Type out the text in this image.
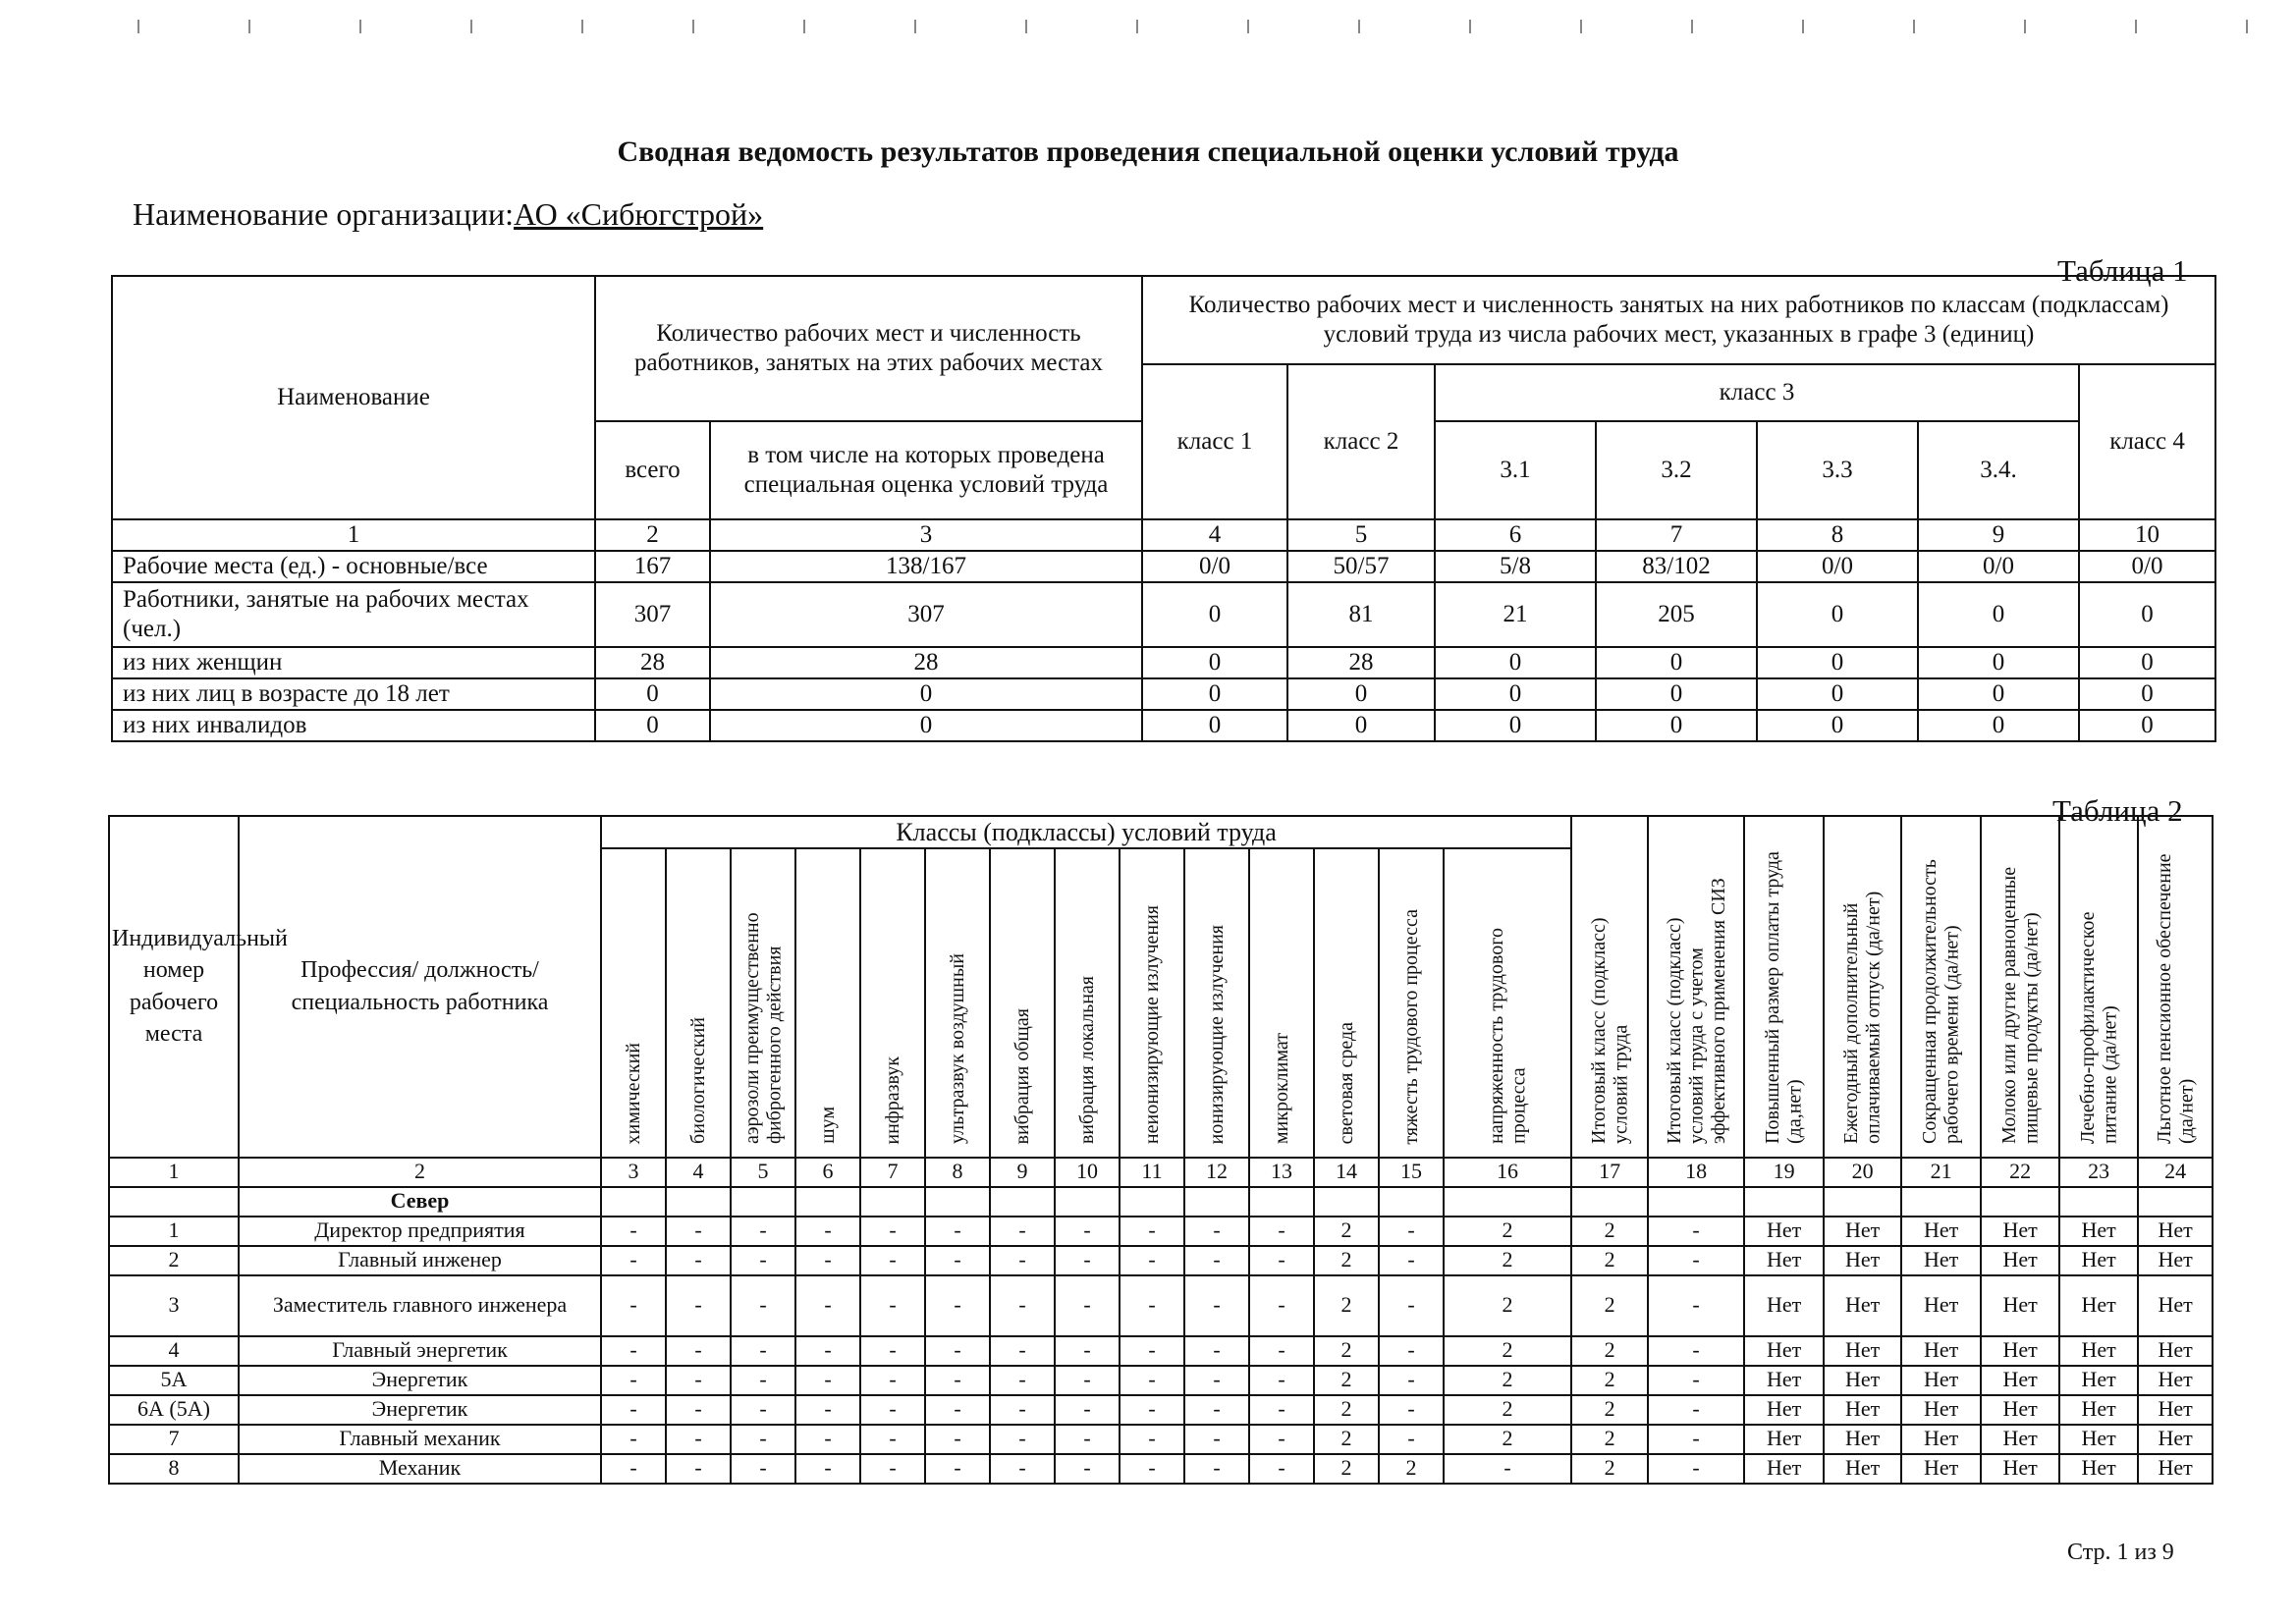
Сводная ведомость результатов проведения специальной оценки условий труда
Наименование организации:АО «Сибюгстрой»
Таблица 1
Наименование	Количество рабочих мест и численность работников, занятых на этих рабочих местах		Количество рабочих мест и численность занятых на них работников по классам (подклассам) условий труда из числа рабочих мест, указанных в графе 3 (единиц)						
			класс 1	класс 2	класс 3				класс 4
	всего	в том числе на которых проведена специальная оценка условий труда			3.1	3.2	3.3	3.4.	
1	2	3	4	5	6	7	8	9	10
Рабочие места (ед.) - основные/все	167	138/167	0/0	50/57	5/8	83/102	0/0	0/0	0/0
Работники, занятые на рабочих местах (чел.)	307	307	0	81	21	205	0	0	0
из них женщин	28	28	0	28	0	0	0	0	0
из них лиц в возрасте до 18 лет	0	0	0	0	0	0	0	0	0
из них инвалидов	0	0	0	0	0	0	0	0	0
Таблица 2
Индивидуальный номер рабочего места	Профессия/ должность/ специальность работника	Классы (подклассы) условий труда														Итоговый класс (подкласс) условий труда	Итоговый класс (подкласс) условий труда с учетом эффективного применения СИЗ	Повышенный размер оплаты труда (да,нет)	Ежегодный дополнительный оплачиваемый отпуск (да/нет)	Сокращенная продолжительность рабочего времени (да/нет)	Молоко или другие равноценные пищевые продукты (да/нет)	Лечебно-профилактическое питание (да/нет)	Льготное пенсионное обеспечение (да/нет)
		химический	биологический	аэрозоли преимущественно фиброгенного действия	шум	инфразвук	ультразвук воздушный	вибрация общая	вибрация локальная	неионизирующие излучения	ионизирующие излучения	микроклимат	световая среда	тяжесть трудового процесса	напряженность трудового процесса								
1	2	3	4	5	6	7	8	9	10	11	12	13	14	15	16	17	18	19	20	21	22	23	24
	Север																						
1	Директор предприятия	-	-	-	-	-	-	-	-	-	-	-	2	-	2	2	-	Нет	Нет	Нет	Нет	Нет	Нет
2	Главный инженер	-	-	-	-	-	-	-	-	-	-	-	2	-	2	2	-	Нет	Нет	Нет	Нет	Нет	Нет
3	Заместитель главного инженера	-	-	-	-	-	-	-	-	-	-	-	2	-	2	2	-	Нет	Нет	Нет	Нет	Нет	Нет
4	Главный энергетик	-	-	-	-	-	-	-	-	-	-	-	2	-	2	2	-	Нет	Нет	Нет	Нет	Нет	Нет
5А	Энергетик	-	-	-	-	-	-	-	-	-	-	-	2	-	2	2	-	Нет	Нет	Нет	Нет	Нет	Нет
6А (5А)	Энергетик	-	-	-	-	-	-	-	-	-	-	-	2	-	2	2	-	Нет	Нет	Нет	Нет	Нет	Нет
7	Главный механик	-	-	-	-	-	-	-	-	-	-	-	2	-	2	2	-	Нет	Нет	Нет	Нет	Нет	Нет
8	Механик	-	-	-	-	-	-	-	-	-	-	-	2	2	-	2	-	Нет	Нет	Нет	Нет	Нет	Нет
Стр. 1 из 9
